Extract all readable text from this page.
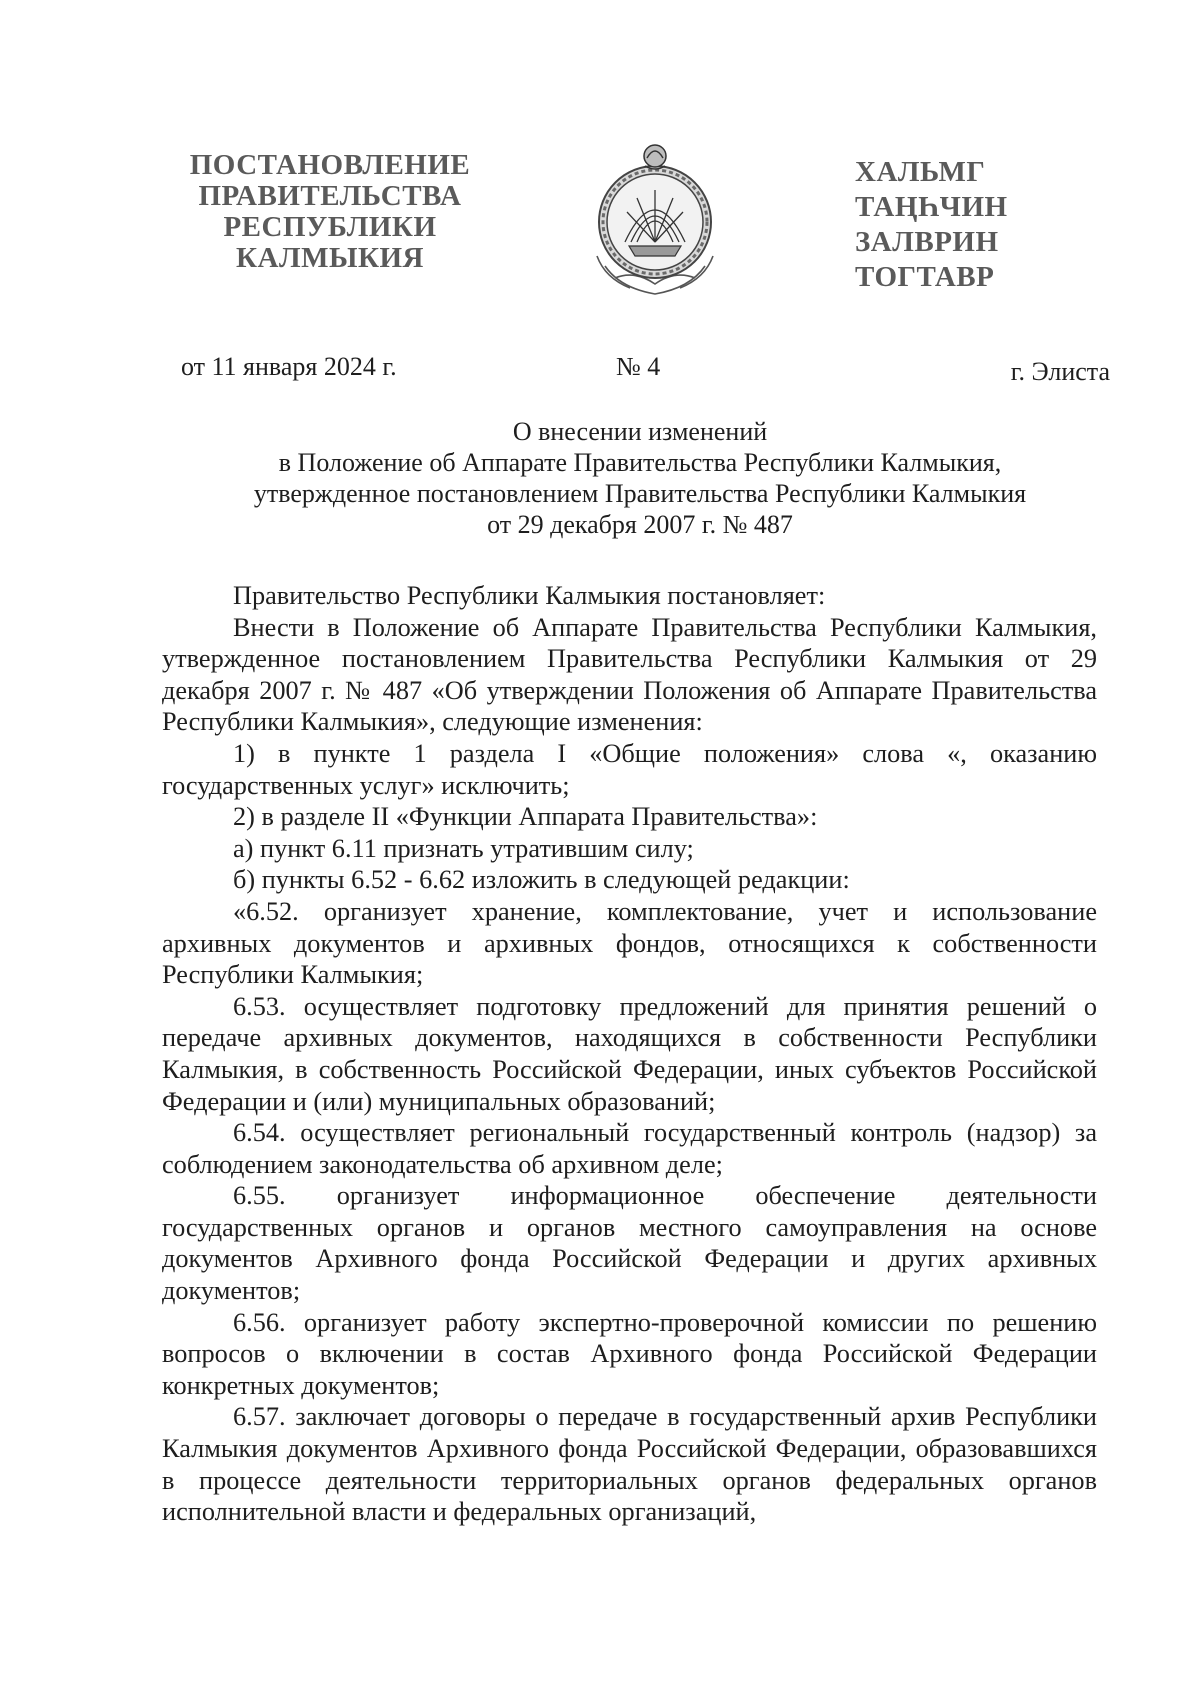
ПОСТАНОВЛЕНИЕ
ПРАВИТЕЛЬСТВА
РЕСПУБЛИКИ
КАЛМЫКИЯ
ХАЛЬМГ
ТАҢҺЧИН
ЗАЛВРИН
ТОГТАВР
от 11 января 2024 г.	№ 4	г. Элиста
О внесении изменений
в Положение об Аппарате Правительства Республики Калмыкия,
утвержденное постановлением Правительства Республики Калмыкия
от 29 декабря 2007 г. № 487

Правительство Республики Калмыкия постановляет:

Внести в Положение об Аппарате Правительства Республики Калмыкия, утвержденное постановлением Правительства Республики Калмыкия от 29 декабря 2007 г. № 487 «Об утверждении Положения об Аппарате Правительства Республики Калмыкия», следующие изменения:

1) в пункте 1 раздела I «Общие положения» слова «, оказанию государственных услуг» исключить;

2) в разделе II «Функции Аппарата Правительства»:

а) пункт 6.11 признать утратившим силу;

б) пункты 6.52 - 6.62 изложить в следующей редакции:

«6.52. организует хранение, комплектование, учет и использование архивных документов и архивных фондов, относящихся к собственности Республики Калмыкия;

6.53. осуществляет подготовку предложений для принятия решений о передаче архивных документов, находящихся в собственности Республики Калмыкия, в собственность Российской Федерации, иных субъектов Российской Федерации и (или) муниципальных образований;

6.54. осуществляет региональный государственный контроль (надзор) за соблюдением законодательства об архивном деле;

6.55. организует информационное обеспечение деятельности государственных органов и органов местного самоуправления на основе документов Архивного фонда Российской Федерации и других архивных документов;

6.56. организует работу экспертно-проверочной комиссии по решению вопросов о включении в состав Архивного фонда Российской Федерации конкретных документов;

6.57. заключает договоры о передаче в государственный архив Республики Калмыкия документов Архивного фонда Российской Федерации, образовавшихся в процессе деятельности территориальных органов федеральных органов исполнительной власти и федеральных организаций,
